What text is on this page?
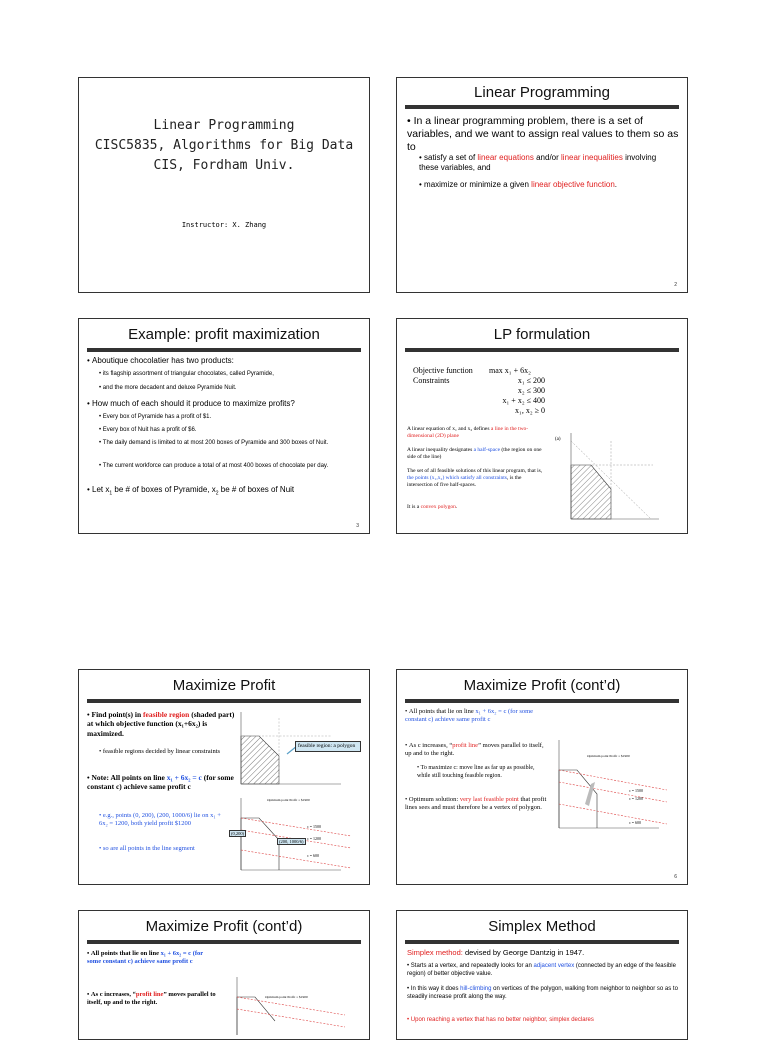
Linear Programming
CISC5835, Algorithms for Big Data
CIS, Fordham Univ.
Instructor: X. Zhang
Linear Programming
• In a linear programming problem, there is a set of variables, and we want to assign real values to them so as to
• satisfy a set of linear equations and/or linear inequalities involving these variables, and
• maximize or minimize a given linear objective function.
2
Example: profit maximization
• Aboutique chocolatier has two products:
• its flagship assortment of triangular chocolates, called Pyramide,
• and the more decadent and deluxe Pyramide Nuit.
• How much of each should it produce to maximize profits?
• Every box of Pyramide has a profit of $1.
• Every box of Nuit has a profit of $6.
• The daily demand is limited to at most 200 boxes of Pyramide and 300 boxes of Nuit.
• The current workforce can produce a total of at most 400 boxes of chocolate per day.
• Let $x_1$ be # of boxes of Pyramide, $x_2$ be # of boxes of Nuit
3
LP formulation
Objective function
Constraints
max x₁ + 6x₂
x₁ ≤ 200
x₂ ≤ 300
x₁ + x₂ ≤ 400
x₁, x₂ ≥ 0
A linear equation of x₁ and x₂ defines a line in the two-dimensional (2D) plane
A linear inequality designates a half-space (the region on one side of the line)
The set of all feasible solutions of this linear program, that is, the points (x₁,x₂) which satisfy all constraints, is the intersection of five half-spaces.
It is a convex polygon.
(a)
Maximize Profit
• Find point(s) in feasible region (shaded part) at which objective function (x₁+6x₂) is maximized.
• feasible regions decided by linear constraints
• Note: All points on line x₁ + 6x₂ = c (for some constant c) achieve same profit c
• e.g., points (0, 200), (200, 1000/6) lie on x₁ + 6x₂ = 1200, both yield profit $1200
• so are all points in the line segment
feasible region: a polygon
Optimum point Profit = $1900
c = 1500
c = 1200
c = 600
(0,200)
(200, 1000/6)
Maximize Profit (cont’d)
• All points that lie on line x₁ + 6x₂ = c (for some constant c) achieve same profit c
• As c increases, “profit line” moves parallel to itself, up and to the right.
• To maximize c: move line as far up as possible, while still touching feasible region.
• Optimum solution: very last feasible point that profit lines sees and must therefore be a vertex of polygon.
Optimum point Profit = $1900
c = 1500
c = 1200
c = 600
6
Maximize Profit (cont’d)
• All points that lie on line x₁ + 6x₂ = c (for some constant c) achieve same profit c
• As c increases, “profit line” moves parallel to itself, up and to the right.
Optimum point Profit = $1900
Simplex Method
Simplex method: devised by George Dantzig in 1947.
• Starts at a vertex, and repeatedly looks for an adjacent vertex (connected by an edge of the feasible region) of better objective value.
• In this way it does hill-climbing on vertices of the polygon, walking from neighbor to neighbor so as to steadily increase profit along the way.
• Upon reaching a vertex that has no better neighbor, simplex declares
